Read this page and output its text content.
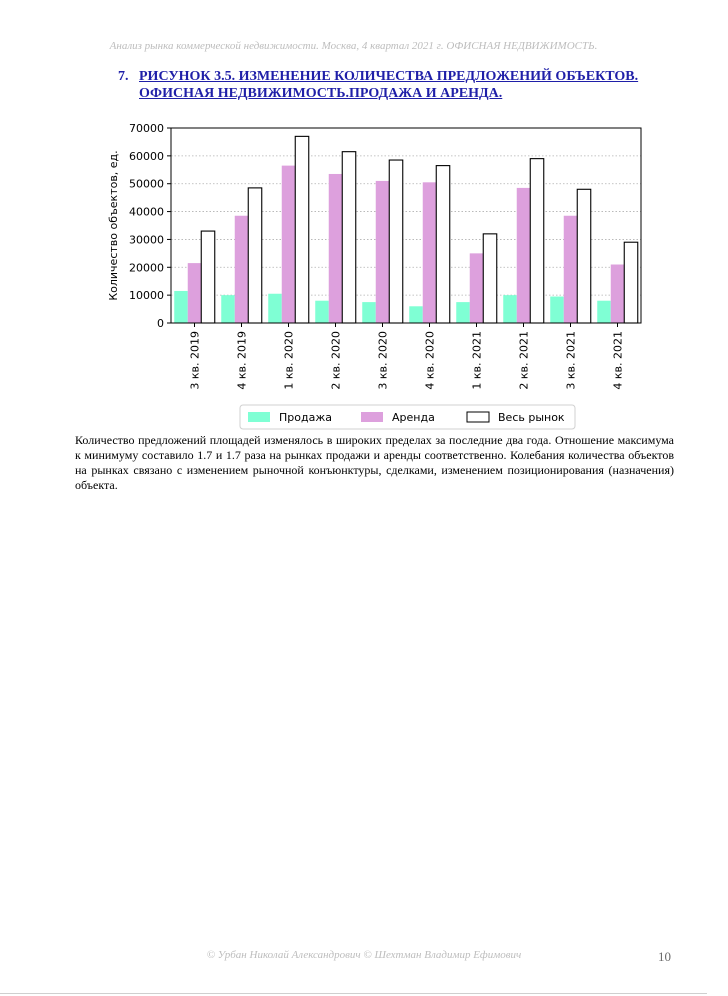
Анализ рынка коммерческой недвижимости. Москва, 4 квартал 2021 г. ОФИСНАЯ НЕДВИЖИМОСТЬ.
7. РИСУНОК 3.5. ИЗМЕНЕНИЕ КОЛИЧЕСТВА ПРЕДЛОЖЕНИЙ ОБЪЕКТОВ. ОФИСНАЯ НЕДВИЖИМОСТЬ.ПРОДАЖА И АРЕНДА.
3 кв. 2019	4 кв. 2019	1 кв. 2020	2 кв. 2020	3 кв. 2020	4 кв. 2020	1 кв. 2021	2 кв. 2021	3 кв. 2021	4 кв. 2021
0
10000
20000
30000
40000
50000
60000
70000
Количество объектов, ед.
Продажа	Аренда	Весь рынок

Количество предложений площадей изменялось в широких пределах за последние два года. Отношение максимума к минимуму составило 1.7 и 1.7 раза на рынках продажи и аренды соответственно. Колебания количества объектов на рынках связано с изменением рыночной конъюнктуры, сделками, изменением позиционирования (назначения) объекта.

© Урбан Николай Александрович © Шехтман Владимир Ефимович	10
